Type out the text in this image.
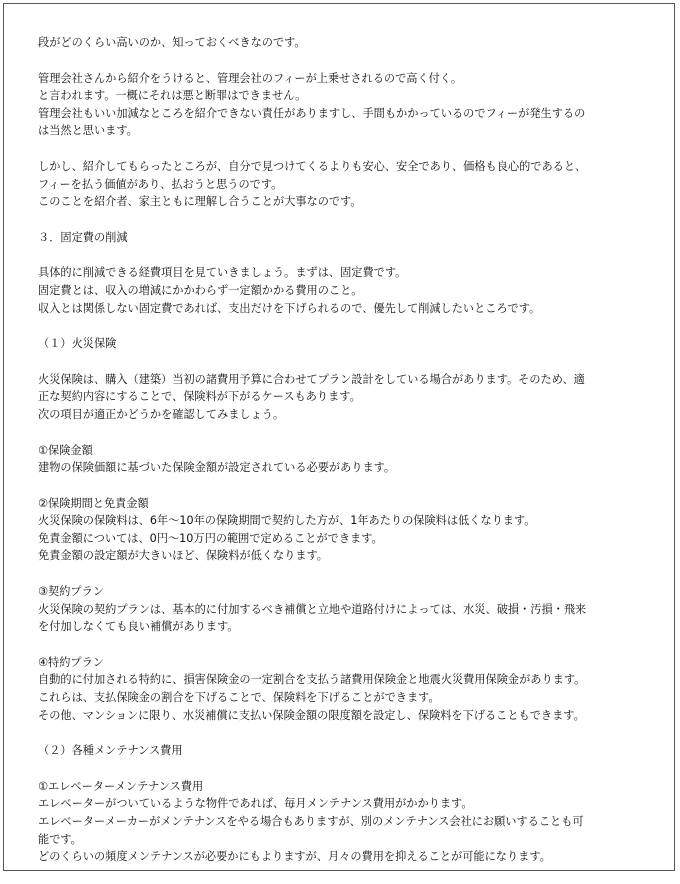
段がどのくらい高いのか、知っておくべきなのです。
管理会社さんから紹介をうけると、管理会社のフィーが上乗せされるので高く付く。
と言われます。一概にそれは悪と断罪はできません。
管理会社もいい加減なところを紹介できない責任がありますし、手間もかかっているのでフィーが発生するの
は当然と思います。
しかし、紹介してもらったところが、自分で見つけてくるよりも安心、安全であり、価格も良心的であると、
フィーを払う価値があり、払おうと思うのです。
このことを紹介者、家主ともに理解し合うことが大事なのです。
３．固定費の削減
具体的に削減できる経費項目を見ていきましょう。まずは、固定費です。
固定費とは、収入の増減にかかわらず一定額かかる費用のこと。
収入とは関係しない固定費であれば、支出だけを下げられるので、優先して削減したいところです。
（１）火災保険
火災保険は、購入（建築）当初の諸費用予算に合わせてプラン設計をしている場合があります。そのため、適
正な契約内容にすることで、保険料が下がるケースもあります。
次の項目が適正かどうかを確認してみましょう。
①保険金額
建物の保険価額に基づいた保険金額が設定されている必要があります。
②保険期間と免責金額
火災保険の保険料は、6年～10年の保険期間で契約した方が、1年あたりの保険料は低くなります。
免責金額については、0円～10万円の範囲で定めることができます。
免責金額の設定額が大きいほど、保険料が低くなります。
③契約プラン
火災保険の契約プランは、基本的に付加するべき補償と立地や道路付けによっては、水災、破損・汚損・飛来
を付加しなくても良い補償があります。
④特約プラン
自動的に付加される特約に、損害保険金の一定割合を支払う諸費用保険金と地震火災費用保険金があります。
これらは、支払保険金の割合を下げることで、保険料を下げることができます。
その他、マンションに限り、水災補償に支払い保険金額の限度額を設定し、保険料を下げることもできます。
（２）各種メンテナンス費用
①エレベーターメンテナンス費用
エレベーターがついているような物件であれば、毎月メンテナンス費用がかかります。
エレベーターメーカーがメンテナンスをやる場合もありますが、別のメンテナンス会社にお願いすることも可
能です。
どのくらいの頻度メンテナンスが必要かにもよりますが、月々の費用を抑えることが可能になります。
